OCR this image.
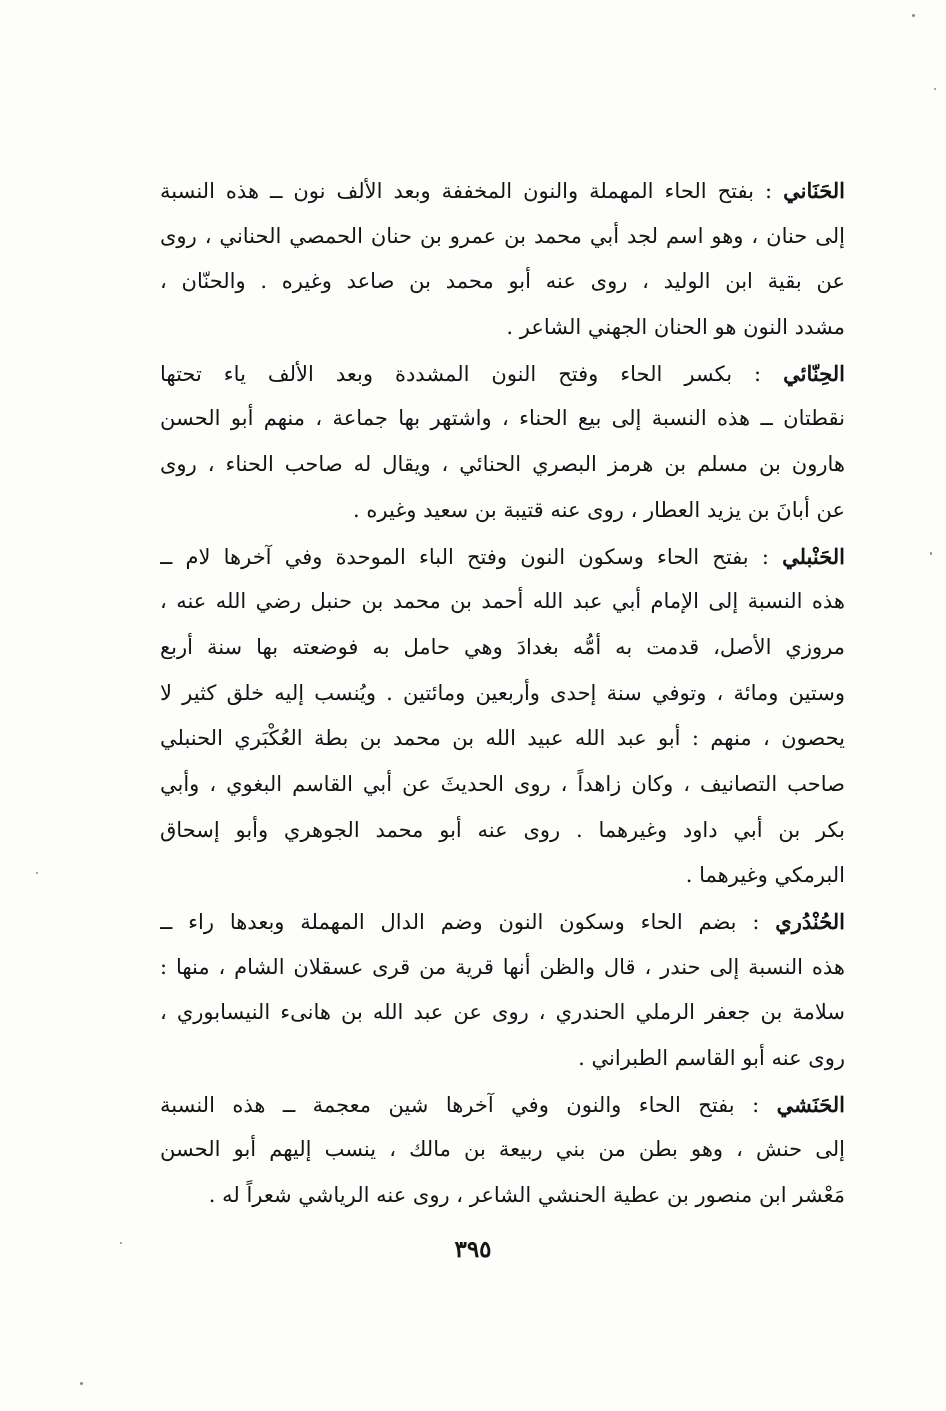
الحَنَاني : بفتح الحاء المهملة والنون المخففة وبعد الألف نون ــ هذه النسبة
إلى حنان ، وهو اسم لجد أبي محمد بن عمرو بن حنان الحمصي الحناني ، روى
عن بقية ابن الوليد ، روى عنه أبو محمد بن صاعد وغيره . والحنّان ،
مشدد النون هو الحنان الجهني الشاعر .
الحِنّائي : بكسر الحاء وفتح النون المشددة وبعد الألف ياء تحتها
نقطتان ــ هذه النسبة إلى بيع الحناء ، واشتهر بها جماعة ، منهم أبو الحسن
هارون بن مسلم بن هرمز البصري الحنائي ، ويقال له صاحب الحناء ، روى
عن أبانَ بن يزيد العطار ، روى عنه قتيبة بن سعيد وغيره .
الحَنْبلي : بفتح الحاء وسكون النون وفتح الباء الموحدة وفي آخرها لام ــ
هذه النسبة إلى الإمام أبي عبد الله أحمد بن محمد بن حنبل رضي الله عنه ،
مروزي الأصل، قدمت به أمُّه بغدادَ وهي حامل به فوضعته بها سنة أربع
وستين ومائة ، وتوفي سنة إحدى وأربعين ومائتين . ويُنسب إليه خلق كثير لا
يحصون ، منهم : أبو عبد الله عبيد الله بن محمد بن بطة العُكْبَري الحنبلي
صاحب التصانيف ، وكان زاهداً ، روى الحديثَ عن أبي القاسم البغوي ، وأبي
بكر بن أبي داود وغيرهما . روى عنه أبو محمد الجوهري وأبو إسحاق
البرمكي وغيرهما .
الحُنْدُري : بضم الحاء وسكون النون وضم الدال المهملة وبعدها راء ــ
هذه النسبة إلى حندر ، قال والظن أنها قرية من قرى عسقلان الشام ، منها :
سلامة بن جعفر الرملي الحندري ، روى عن عبد الله بن هانىء النيسابوري ،
روى عنه أبو القاسم الطبراني .
الحَنَشي : بفتح الحاء والنون وفي آخرها شين معجمة ــ هذه النسبة
إلى حنش ، وهو بطن من بني ربيعة بن مالك ، ينسب إليهم أبو الحسن
مَعْشر ابن منصور بن عطية الحنشي الشاعر ، روى عنه الرياشي شعراً له .
٣٩٥
